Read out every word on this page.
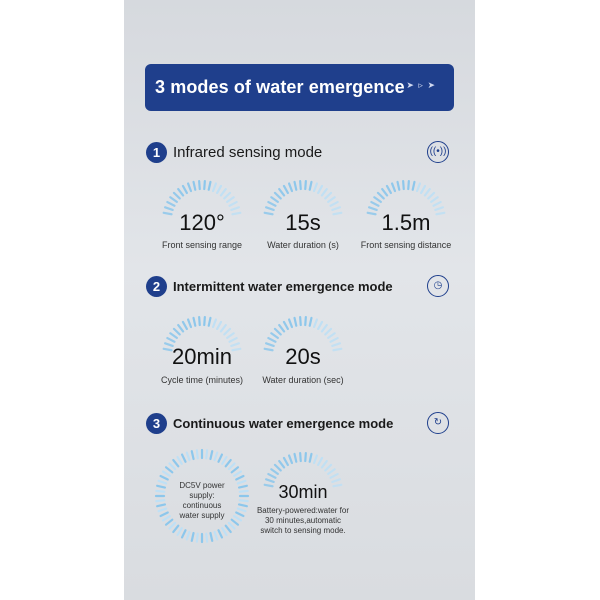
3 modes of water emergence ➤ ▹ ➤
1 Infrared sensing mode	((•))
120°
Front sensing range
15s
Water duration (s)
1.5m
Front sensing distance
2 Intermittent water emergence mode	◷
20min
Cycle time (minutes)
20s
Water duration (sec)
3 Continuous water emergence mode	↻
DC5V power supply: continuous water supply
30min
Battery-powered:water for 30 minutes,automatic switch to sensing mode.
